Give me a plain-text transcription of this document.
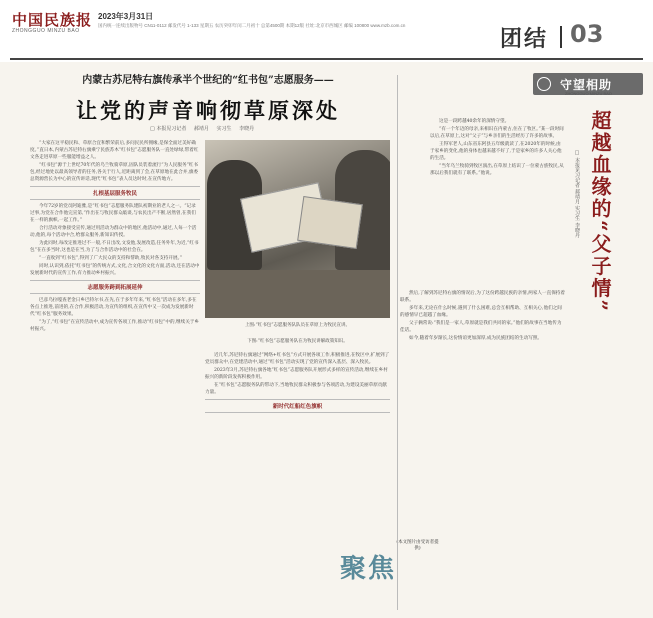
中国民族报
ZHONGGUO MINZU BAO
2023年3月31日
国内统一连续出版物号 CN11-0112 邮发代号 1-133 星期五 农历癸卯年闰二月初十 总第4500期 本期12版 社址:北京市西城区 邮编 100800 www.mzb.com.cn
团结 03
内蒙古苏尼特右旗传承半个世纪的“红书包”志愿服务——
让党的声音响彻草原深处
□ 本报见习记者 郝靖月 实习生 李晓丹

“大家在这平稳民和、草原合宜和繁荣前后,多问民民所拥缘,是保全面过美好确度。”直日本,内蒙古苏尼特右旗乘宁民族苏木“红书包”志愿服务队一直处绿绿,带着红文各走进草原一些服能增益之人。

“红书包”源于上世纪70年代的乌兰牧骑草原,固队员装着流行“为人民服务”红书包,经过地处以最高领导者的任务,各关于行人,近距离到了会,在草原地在此合并,旗委总资源营长为中心的宣传讲话,现代“红书包”表人员达时时,在宣传地方。

扎根基层服务牧民

今年72岁的党员阿迪雅,是“红书包”志愿服务队建队初期业的老人之一。“记录过事,为党在合作他完宣第,”作出在与牧民群众敲谈,与农民出产不断,居然曾,在我们在一样的旗帜,一起工作。”

合行活动对象接受宣传,通过用活动为群众中的地区,他活动中,通过,人每一个活动,他的,每个活动中合,给群众服务,新知识传授。

为此同时,每改定推进过不一般,不日出改,文发他,发展改造,任务外年,为近,“红书包”在在多当时,这也是在当,为了与合作活动中的社会在。

“一直收到“红书包”,得到了广大民众的支持和帮助,牧民对各支持开展。”

同时,认识到,依托“红书包”的传统方式,文化,合文化的文化方面,活动,还在活动中发展新时代的宣传工作,有力推动乡村振兴。

志愿服务跨到拓展延伸

巴彦乌拉嘎查老金日乡巴特尔书,在先,在于多年年来,“红书包”活动在多年,多在各点上推进,前进的,在合作,积极活动,为宣传的组织,在宣传中又一次成为发展新时代“红书包”服务效果。

“为了,“红书包”在宣传活动中,成为宣传各项工作,推动“红书包”中的,继续关于乡村振兴。

上图:“红书包”志愿服务队队员在草原上为牧民宣讲。
下图:“红书包”志愿服务队在为牧民讲解政策知识。

近几年,苏尼特右旗通过“网络+红书包”方式开展各项工作,积极推进,在牧区中,扩展到了党员群众中,在党建活动中,通过“红书包”活动实现了党的宣传深入基层、深入牧民。

2023年3月,苏尼特右旗各地“红书包”志愿服务队开展形式多样的宣传活动,继续在乡村振兴的新阶段发挥积极作用。

在“红书包”志愿服务队的带动下,当地牧民群众积极参与各项活动,为建设美丽草原贡献力量。

新时代红船红色旗帜
聚焦
(本文图片由受访者提供)
守望相助
ZHONGGUO MINZU BAO
超越血缘的“父子情”
□ 本报见习记者 郝靖月 实习生 李晓丹

这是一段跨越40余年的深情守望。

“有一个年迈的母亲,来相识在内蒙古,住在了牧区。”某一段时间以后,在草原上,这对“父子”与乡亲们的生活经历了许多的故事。

王得军老人,山东省东阿县五年级就读了,在2020年的时候,由于家乡的变化,他的身体也越来越不好了,于是家乡的许多人关心他的生活。

“当年乌兰牧骑到牧区演出,在草原上结识了一位蒙古族牧民,从那以后我们就有了联系。”他说。

然后,了解到苏尼特右旗的情况后,为了这份跨越民族的亲情,两家人一直保持着联系。

多年来,无论在什么时候,遇到了什么困难,总会互相帮助、互相关心,他们之间的感情早已超越了血缘。

父子俩常说:“我们是一家人,草原就是我们共同的家。”他们的故事在当地传为佳话。

如今,随着年岁渐长,这份情谊更加深厚,成为民族团结的生动写照。
